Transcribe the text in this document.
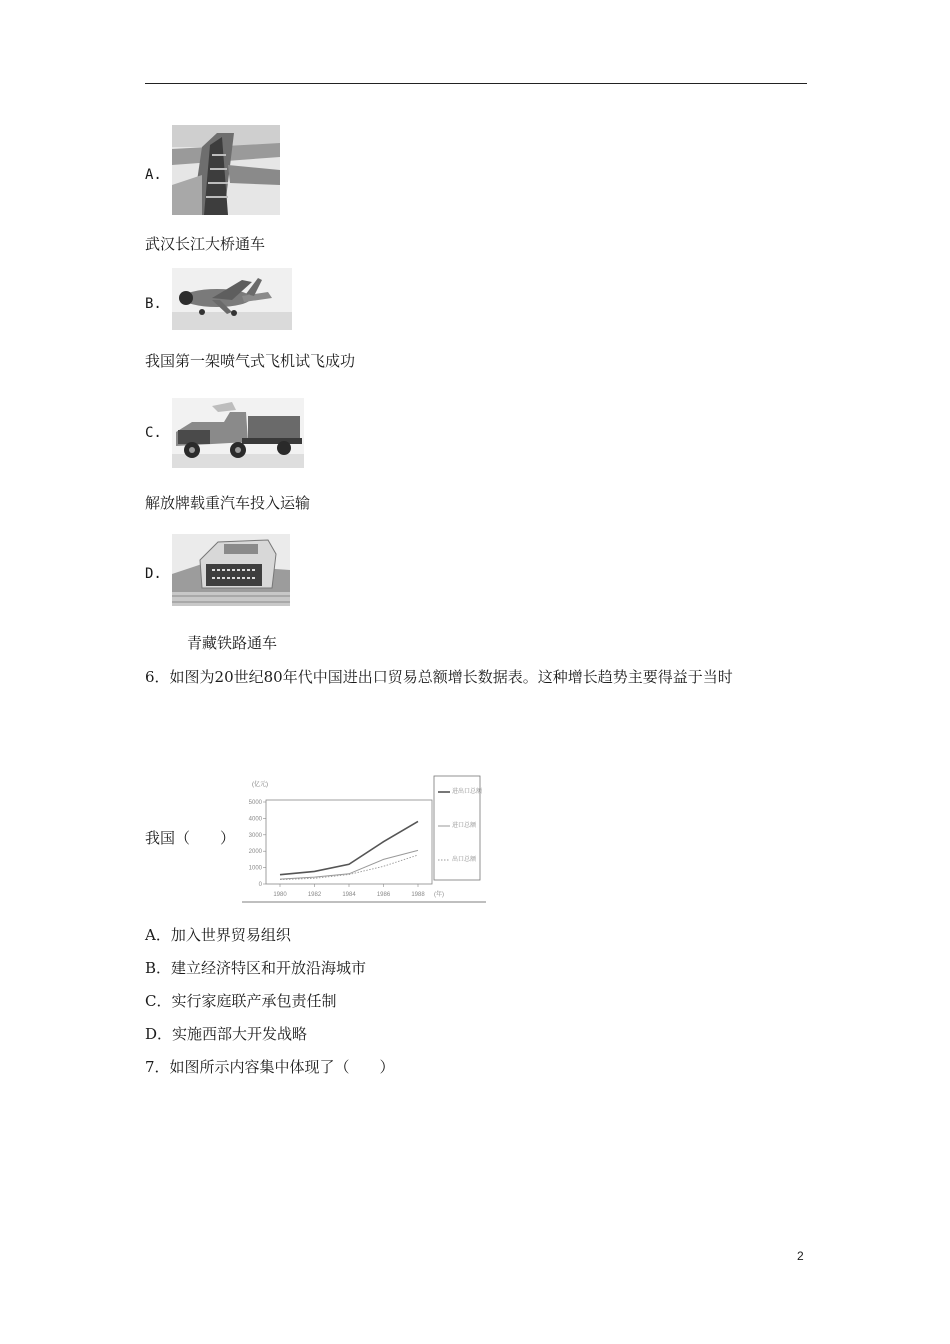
A.
武汉长江大桥通车
B.
我国第一架喷气式飞机试飞成功
C.
解放牌载重汽车投入运输
D.
青藏铁路通车
6．如图为20世纪80年代中国进出口贸易总额增长数据表。这种增长趋势主要得益于当时
我国（　　）
(亿元)
5000
4000
3000
2000
1000
0
1980	1982	1984	1986	1988 (年)
进出口总额
进口总额
出口总额
A．加入世界贸易组织
B．建立经济特区和开放沿海城市
C．实行家庭联产承包责任制
D．实施西部大开发战略
7．如图所示内容集中体现了（　　）
2
